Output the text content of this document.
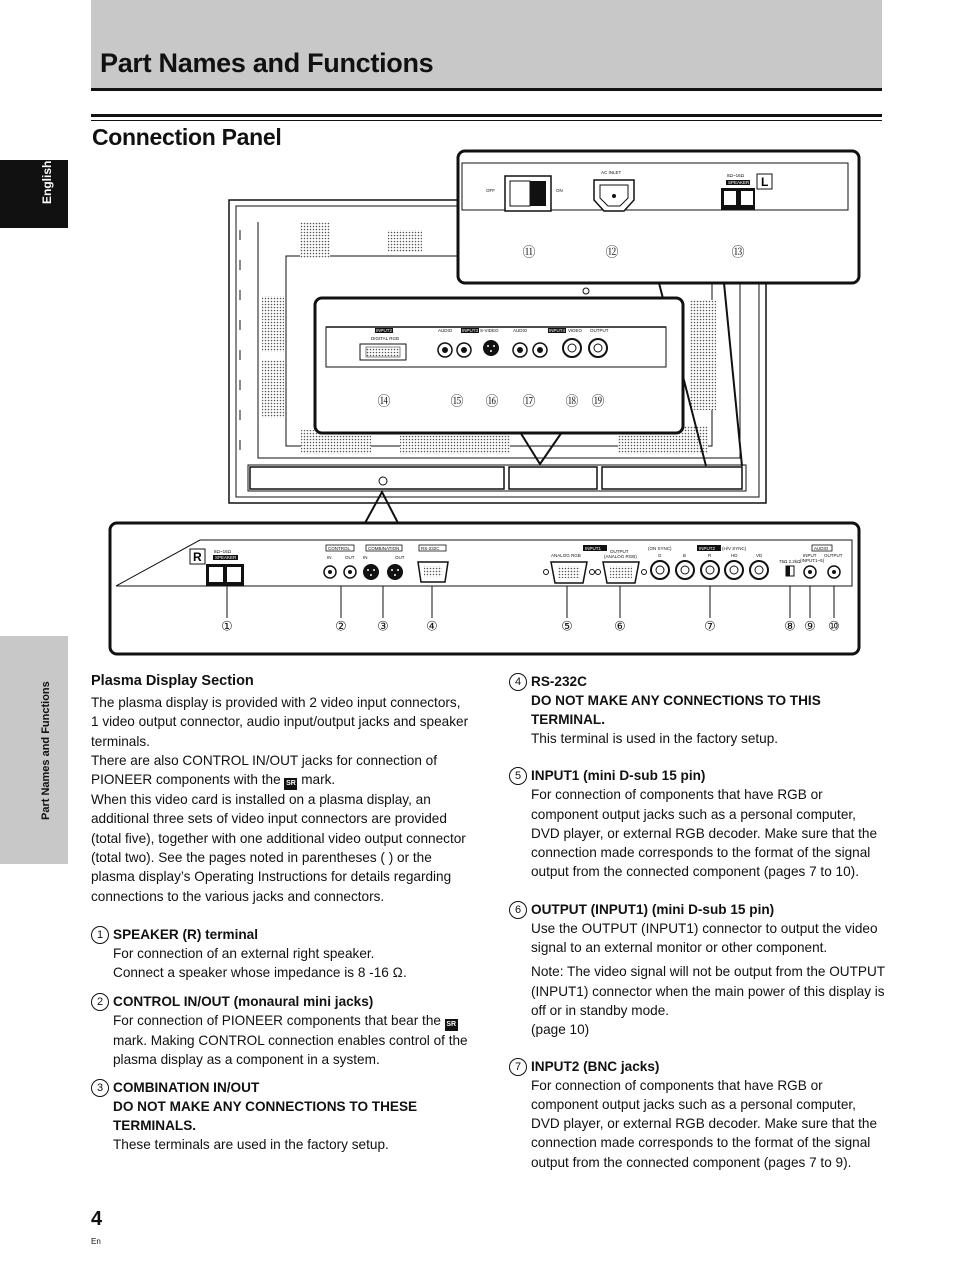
Part Names and Functions
Connection Panel
English
Part Names and Functions
OFF	ON
AC INLET
8Ω~16Ω
SPEAKER L
⑪	⑫	⑬
INPUT2
DIGITAL RGB
AUDIO INPUT3 S-VIDEO	AUDIO	INPUT4 VIDEO OUTPUT
⑭	⑮ ⑯ ⑰ ⑱ ⑲
R	8Ω~16Ω
SPEAKER
CONTROL
IN	OUT
COMBINATION
IN	OUT
RS-232C	INPUT1
ANALOG RGB
OUTPUT
(ANALOG RGB)
INPUT2 (H/V SYNC)
(ON SYNC)
G	B	R	HD	VD
75Ω 2.2kΩ
AUDIO
INPUT
(INPUT1~5)
OUTPUT
①	② ③	④	⑤	⑥	⑦	⑧ ⑨ ⑩
Plasma Display Section

The plasma display is provided with 2 video input connectors, 1 video output connector, audio input/output jacks and speaker terminals.

There are also CONTROL IN/OUT jacks for connection of PIONEER components with the SR mark.

When this video card is installed on a plasma display, an additional three sets of video input connectors are provided (total five), together with one additional video output connector (total two). See the pages noted in parentheses ( ) or the plasma display’s Operating Instructions for details regarding connections to the various jacks and connectors.

1 SPEAKER (R) terminal

For connection of an external right speaker.

Connect a speaker whose impedance is 8 -16 Ω.

2 CONTROL IN/OUT (monaural mini jacks)

For connection of PIONEER components that bear the SR mark. Making CONTROL connection enables control of the plasma display as a component in a system.

3 COMBINATION IN/OUT
DO NOT MAKE ANY CONNECTIONS TO THESE TERMINALS.

These terminals are used in the factory setup.

4 RS-232C
DO NOT MAKE ANY CONNECTIONS TO THIS TERMINAL.

This terminal is used in the factory setup.

5 INPUT1 (mini D-sub 15 pin)

For connection of components that have RGB or component output jacks such as a personal computer, DVD player, or external RGB decoder. Make sure that the connection made corresponds to the format of the signal output from the connected component (pages 7 to 10).

6 OUTPUT (INPUT1) (mini D-sub 15 pin)

Use the OUTPUT (INPUT1) connector to output the video signal to an external monitor or other component.

Note: The video signal will not be output from the OUTPUT (INPUT1) connector when the main power of this display is off or in standby mode.

(page 10)

7 INPUT2 (BNC jacks)

For connection of components that have RGB or component output jacks such as a personal computer, DVD player, or external RGB decoder. Make sure that the connection made corresponds to the format of the signal output from the connected component (pages 7 to 9).

4
En
